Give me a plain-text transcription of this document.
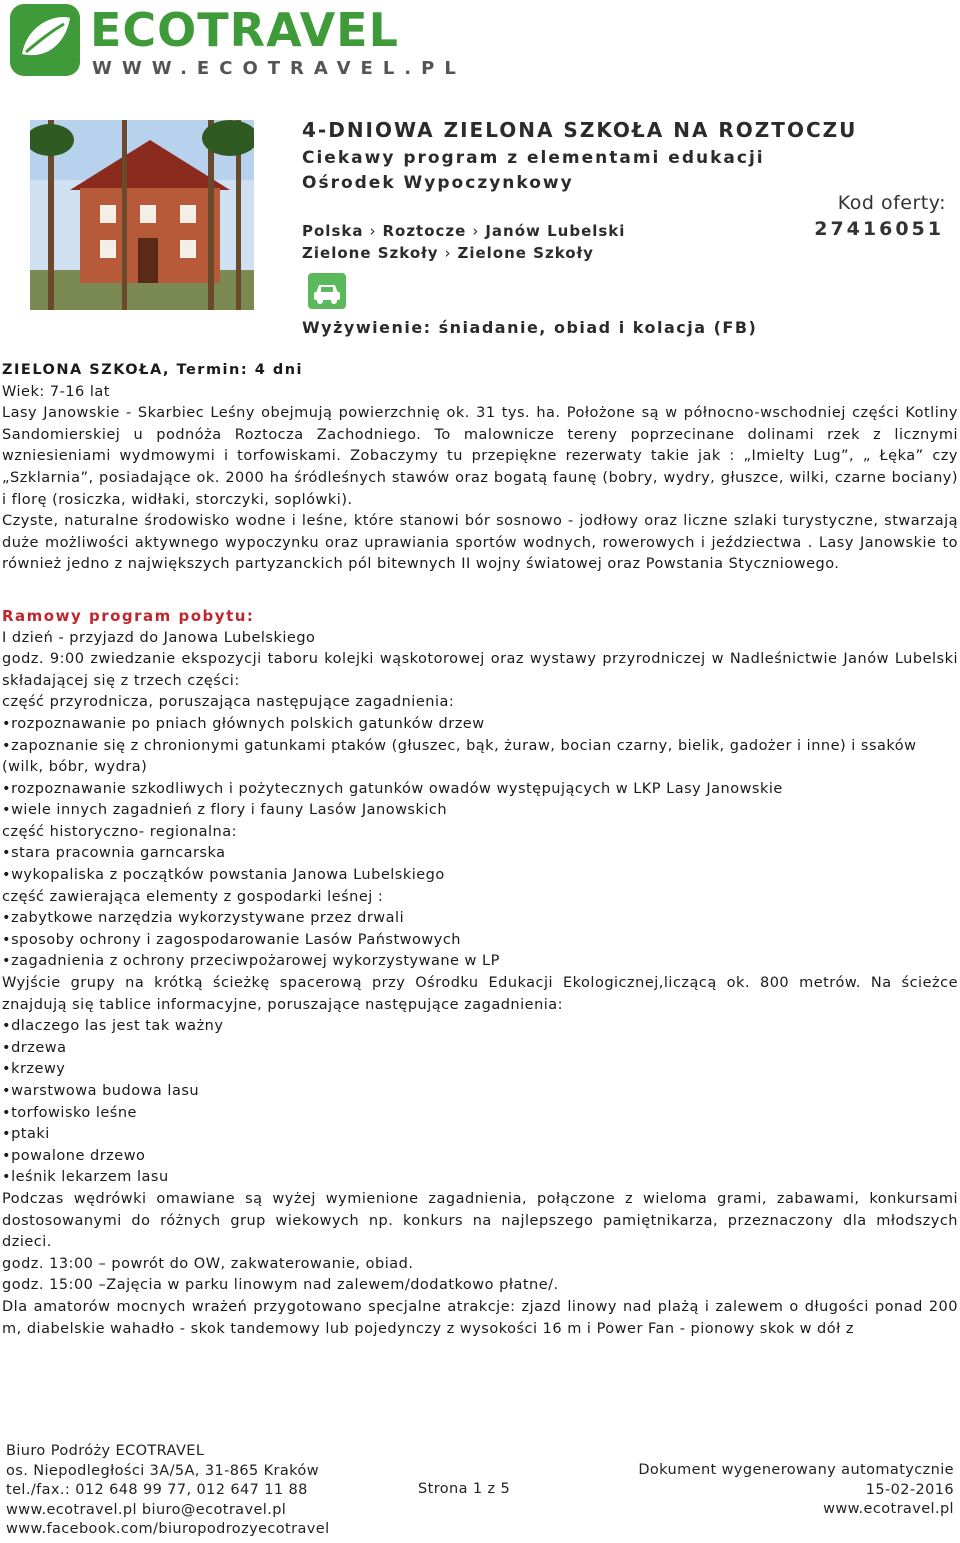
ECOTRAVEL
WWW.ECOTRAVEL.PL
4-DNIOWA ZIELONA SZKOŁA NA ROZTOCZU
Ciekawy program z elementami edukacji
Ośrodek Wypoczynkowy
Polska › Roztocze › Janów Lubelski
Zielone Szkoły › Zielone Szkoły
Kod oferty:
27416051
Wyżywienie: śniadanie, obiad i kolacja (FB)

ZIELONA SZKOŁA, Termin: 4 dni

Wiek: 7-16 lat

Lasy Janowskie - Skarbiec Leśny obejmują powierzchnię ok. 31 tys. ha. Położone są w północno-wschodniej części Kotliny Sandomierskiej u podnóża Roztocza Zachodniego. To malownicze tereny poprzecinane dolinami rzek z licznymi wzniesieniami wydmowymi i torfowiskami. Zobaczymy tu przepiękne rezerwaty takie jak : „Imielty Lug”, „ Łęka” czy „Szklarnia”, posiadające ok. 2000 ha śródleśnych stawów oraz bogatą faunę (bobry, wydry, głuszce, wilki, czarne bociany) i florę (rosiczka, widłaki, storczyki, soplówki).

Czyste, naturalne środowisko wodne i leśne, które stanowi bór sosnowo - jodłowy oraz liczne szlaki turystyczne, stwarzają duże możliwości aktywnego wypoczynku oraz uprawiania sportów wodnych, rowerowych i jeździectwa . Lasy Janowskie to również jedno z największych partyzanckich pól bitewnych II wojny światowej oraz Powstania Styczniowego.

Ramowy program pobytu:

I dzień - przyjazd do Janowa Lubelskiego

godz. 9:00 zwiedzanie ekspozycji taboru kolejki wąskotorowej oraz wystawy przyrodniczej w Nadleśnictwie Janów Lubelski składającej się z trzech części:

część przyrodnicza, poruszająca następujące zagadnienia:

• rozpoznawanie po pniach głównych polskich gatunków drzew

• zapoznanie się z chronionymi gatunkami ptaków (głuszec, bąk, żuraw, bocian czarny, bielik, gadożer i inne) i ssaków (wilk, bóbr, wydra)

• rozpoznawanie szkodliwych i pożytecznych gatunków owadów występujących w LKP Lasy Janowskie

• wiele innych zagadnień z flory i fauny Lasów Janowskich

część historyczno- regionalna:

• stara pracownia garncarska

• wykopaliska z początków powstania Janowa Lubelskiego

część zawierająca elementy z gospodarki leśnej :

• zabytkowe narzędzia wykorzystywane przez drwali

• sposoby ochrony i zagospodarowanie Lasów Państwowych

• zagadnienia z ochrony przeciwpożarowej wykorzystywane w LP

Wyjście grupy na krótką ścieżkę spacerową przy Ośrodku Edukacji Ekologicznej,liczącą ok. 800 metrów. Na ścieżce znajdują się tablice informacyjne, poruszające następujące zagadnienia:

• dlaczego las jest tak ważny

• drzewa

• krzewy

• warstwowa budowa lasu

• torfowisko leśne

• ptaki

• powalone drzewo

• leśnik lekarzem lasu

Podczas wędrówki omawiane są wyżej wymienione zagadnienia, połączone z wieloma grami, zabawami, konkursami dostosowanymi do różnych grup wiekowych np. konkurs na najlepszego pamiętnikarza, przeznaczony dla młodszych dzieci.

godz. 13:00 – powrót do OW, zakwaterowanie, obiad.

godz. 15:00 –Zajęcia w parku linowym nad zalewem/dodatkowo płatne/.

Dla amatorów mocnych wrażeń przygotowano specjalne atrakcje: zjazd linowy nad plażą i zalewem o długości ponad 200 m, diabelskie wahadło - skok tandemowy lub pojedynczy z wysokości 16 m i Power Fan - pionowy skok w dół z

Biuro Podróży ECOTRAVEL
os. Niepodległości 3A/5A, 31-865 Kraków
tel./fax.: 012 648 99 77, 012 647 11 88
www.ecotravel.pl biuro@ecotravel.pl
www.facebook.com/biuropodrozyecotravel
Strona 1 z 5
Dokument wygenerowany automatycznie
15-02-2016
www.ecotravel.pl
